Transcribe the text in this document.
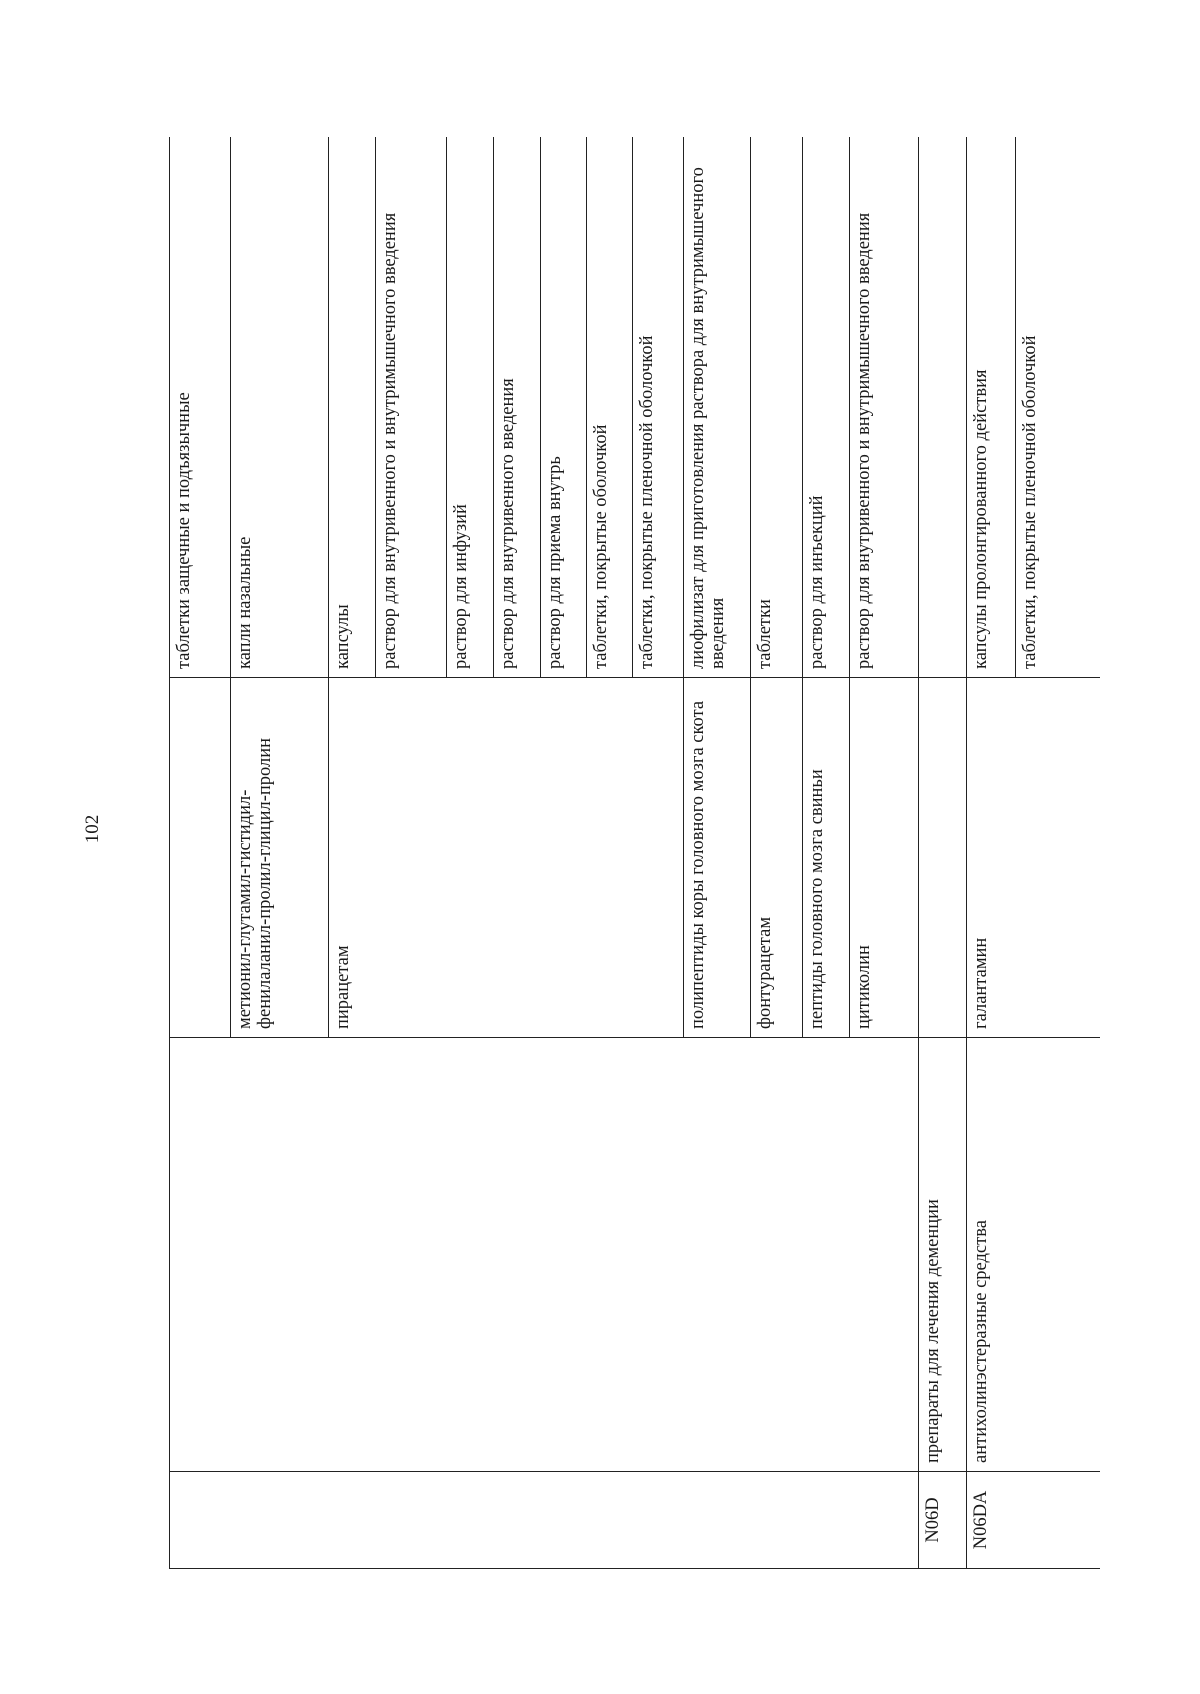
102
			таблетки защечные и подъязычные
		метионил-глутамил-гистидил-фенилаланил-пролил-глицил-пролин	капли назальные
		пирацетам	капсулы
			раствор для внутривенного и внутримышечного введения
			раствор для инфузий
			раствор для внутривенного введения
			раствор для приема внутрь
			таблетки, покрытые оболочкой
			таблетки, покрытые пленочной оболочкой
		полипептиды коры головного мозга скота	лиофилизат для приготовления раствора для внутримышечного введения
		фонтурацетам	таблетки
		пептиды головного мозга свиньи	раствор для инъекций
		цитиколин	раствор для внутривенного и внутримышечного введения
N06D	препараты для лечения деменции		
N06DA	антихолинэстеразные средства	галантамин	капсулы пролонгированного действия
			таблетки, покрытые пленочной оболочкой
